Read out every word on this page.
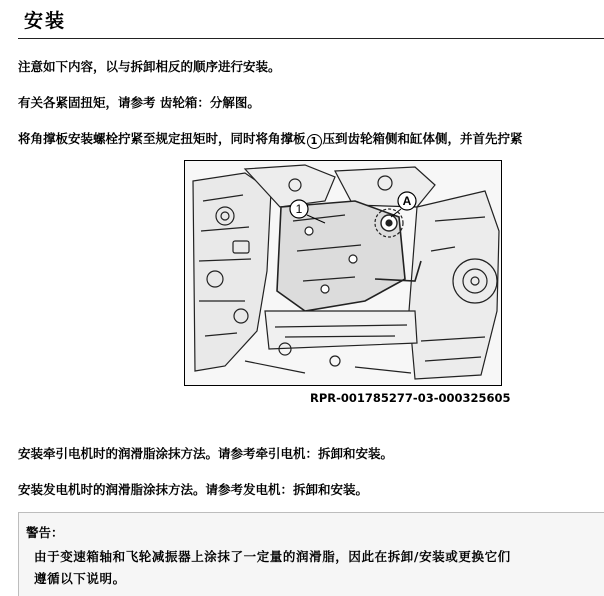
安装
注意如下内容，以与拆卸相反的顺序进行安装。
有关各紧固扭矩，请参考 齿轮箱：分解图。
将角撑板安装螺栓拧紧至规定扭矩时，同时将角撑板 1 压到齿轮箱侧和缸体侧，并首先拧紧
1
A
RPR-001785277-03-000325605
安装牵引电机时的润滑脂涂抹方法。请参考牵引电机：拆卸和安装。
安装发电机时的润滑脂涂抹方法。请参考发电机：拆卸和安装。
警告：
由于变速箱轴和飞轮减振器上涂抹了一定量的润滑脂，因此在拆卸/安装或更换它们
遵循以下说明。
